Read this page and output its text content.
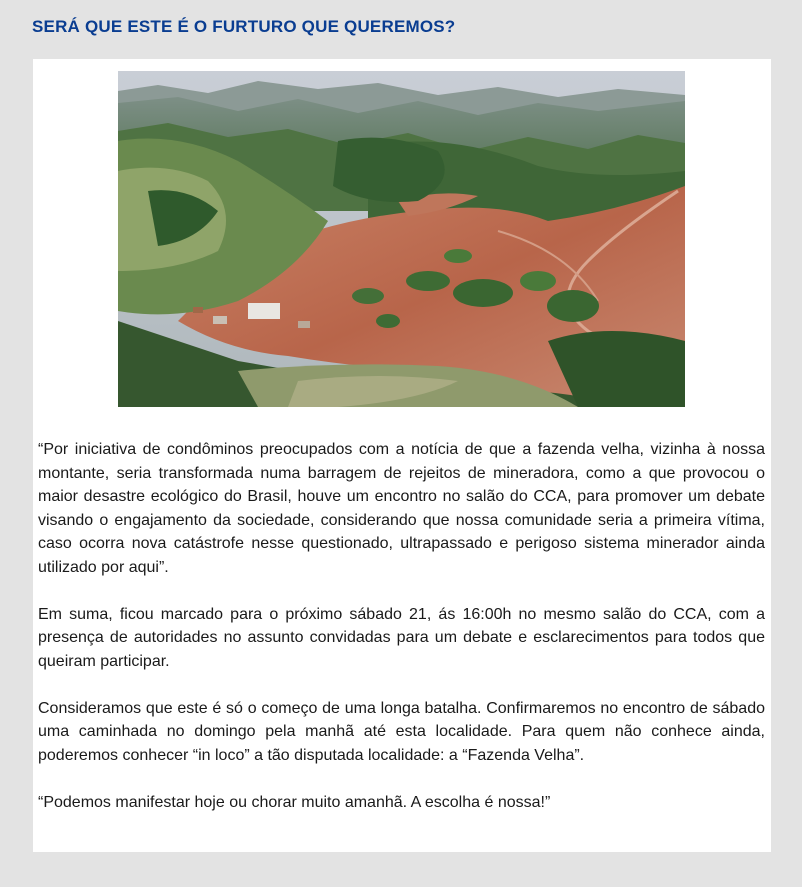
SERÁ QUE ESTE É O FURTURO QUE QUEREMOS?

“Por iniciativa de condôminos preocupados com a notícia de que a fazenda velha, vizinha à nossa montante, seria transformada numa barragem de rejeitos de mineradora, como a que provocou o maior desastre ecológico do Brasil, houve um encontro no salão do CCA, para promover um debate visando o engajamento da sociedade, considerando que nossa comunidade seria a primeira vítima, caso ocorra nova catástrofe nesse questionado, ultrapassado e perigoso sistema minerador ainda utilizado por aqui”.

Em suma, ficou marcado para o próximo sábado 21, ás 16:00h no mesmo salão do CCA, com a presença de autoridades no assunto convidadas para um debate e esclarecimentos para todos que queiram participar.

Consideramos que este é só o começo de uma longa batalha. Confirmaremos no encontro de sábado uma caminhada no domingo pela manhã até esta localidade. Para quem não conhece ainda, poderemos conhecer “in loco” a tão disputada localidade: a “Fazenda Velha”.

“Podemos manifestar hoje ou chorar muito amanhã. A escolha é nossa!”
